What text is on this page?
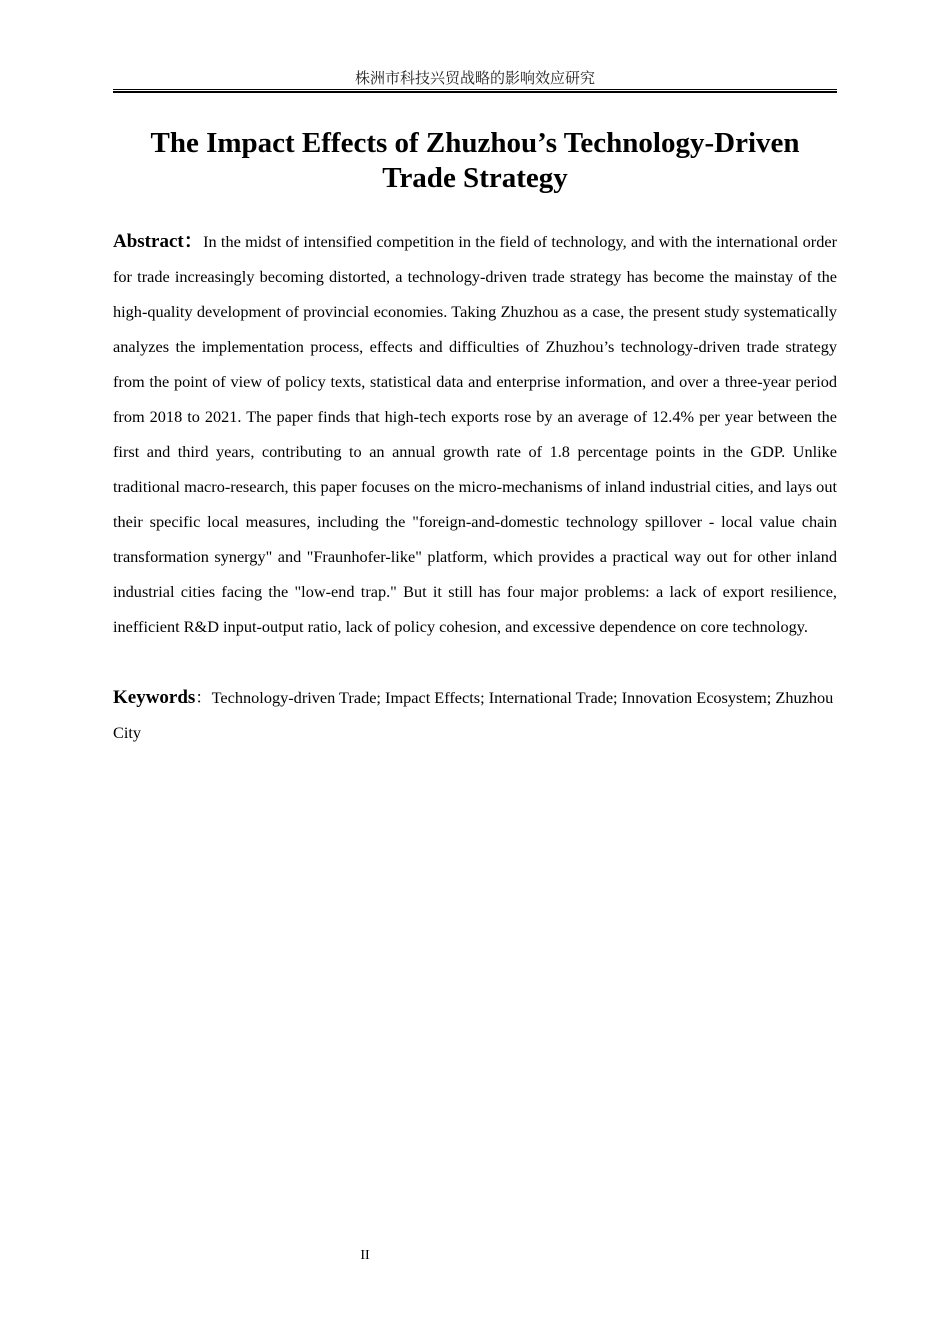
株洲市科技兴贸战略的影响效应研究
The Impact Effects of Zhuzhou’s Technology-Driven Trade Strategy

Abstract：In the midst of intensified competition in the field of technology, and with the international order for trade increasingly becoming distorted, a technology-driven trade strategy has become the mainstay of the high-quality development of provincial economies. Taking Zhuzhou as a case, the present study systematically analyzes the implementation process, effects and difficulties of Zhuzhou’s technology-driven trade strategy from the point of view of policy texts, statistical data and enterprise information, and over a three-year period from 2018 to 2021. The paper finds that high-tech exports rose by an average of 12.4% per year between the first and third years, contributing to an annual growth rate of 1.8 percentage points in the GDP. Unlike traditional macro-research, this paper focuses on the micro-mechanisms of inland industrial cities, and lays out their specific local measures, including the "foreign-and-domestic technology spillover - local value chain transformation synergy" and "Fraunhofer-like" platform, which provides a practical way out for other inland industrial cities facing the "low-end trap." But it still has four major problems: a lack of export resilience, inefficient R&D input-output ratio, lack of policy cohesion, and excessive dependence on core technology.

Keywords：Technology-driven Trade; Impact Effects; International Trade; Innovation Ecosystem; Zhuzhou City

II
